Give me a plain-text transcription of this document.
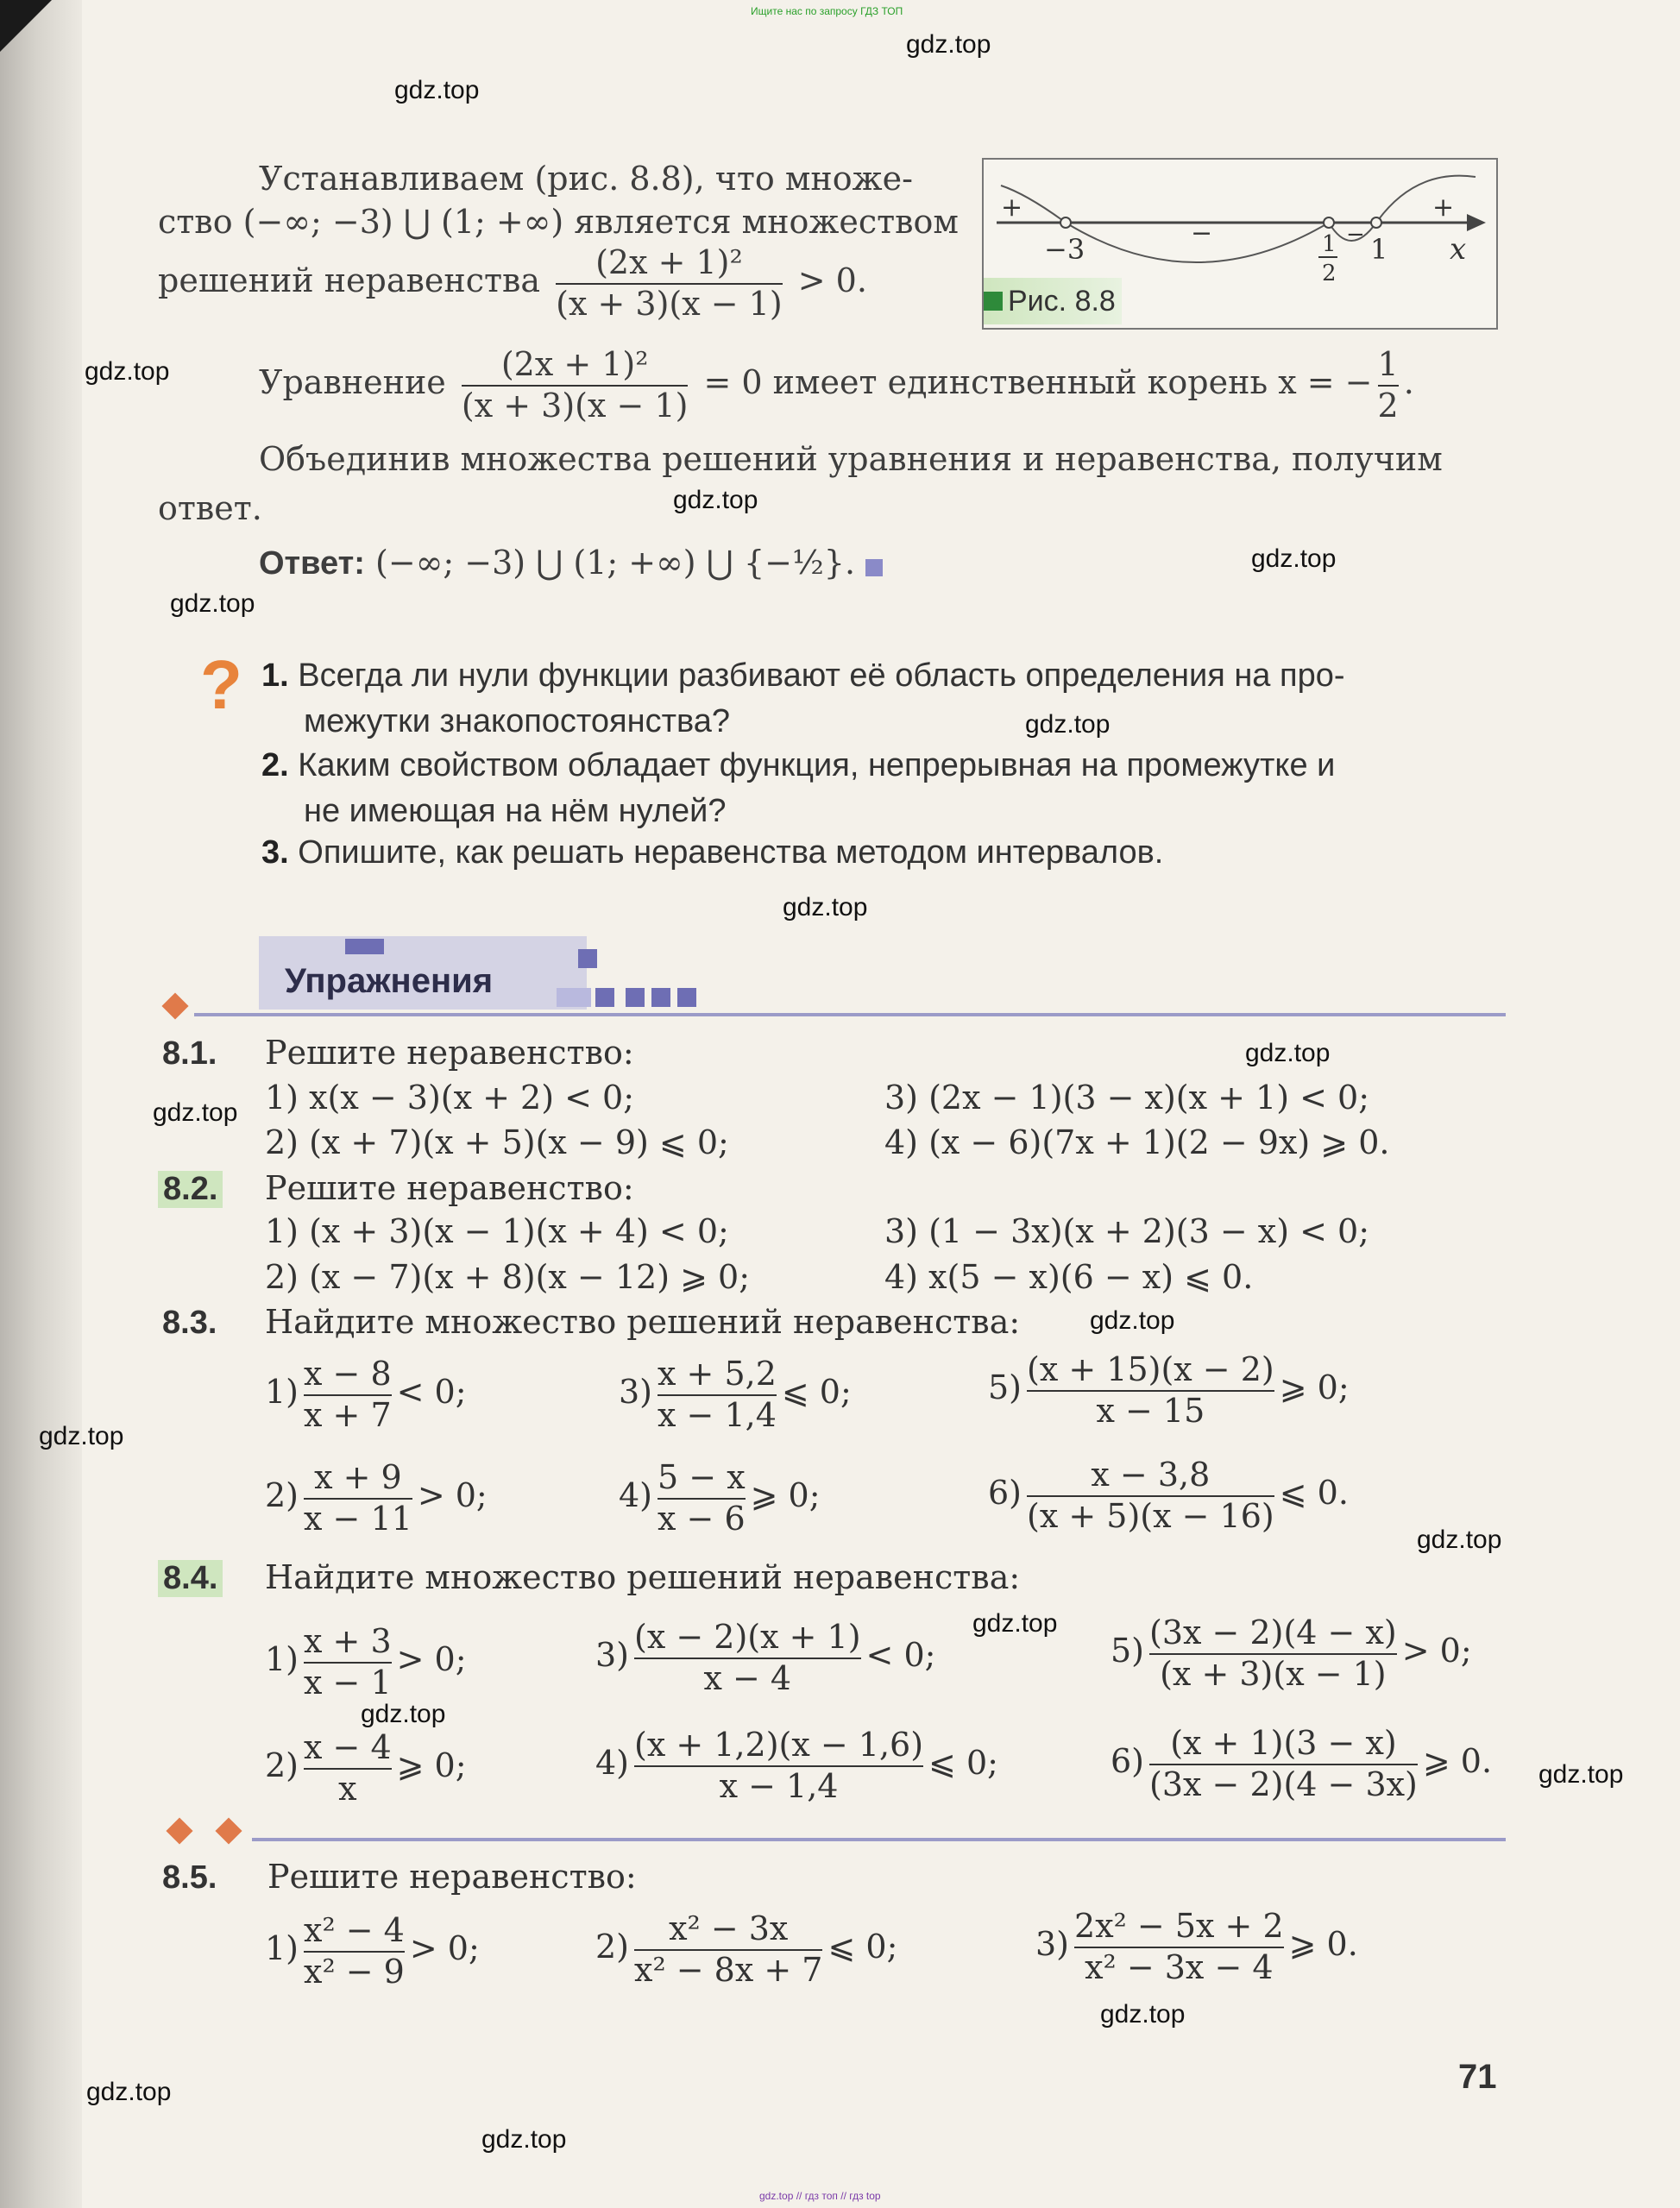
Ищите нас по запросу ГДЗ ТОП
gdz.top
gdz.top
gdz.top
gdz.top
gdz.top
gdz.top
gdz.top
gdz.top
gdz.top
gdz.top
gdz.top
gdz.top
gdz.top
gdz.top
gdz.top
gdz.top
gdz.top
gdz.top
gdz.top
Устанавливаем (рис. 8.8), что множе-
ство (−∞; −3) ⋃ (1; +∞) является множеством
решений неравенства $\frac{\text{(2x + 1)²}}{(x + 3)(x - 1)} > 0$.
+
−	−
+
−3	1
2
1 x
Рис. 8.8
Уравнение $\frac{\text{(2x + 1)²}}{(x + 3)(x - 1)} = 0$ имеет единственный корень x = − $\frac{1}{2}$ .
Объединив множества решений уравнения и неравенства, получим
ответ.
Ответ: (−∞; −3) ⋃ (1; +∞) ⋃ {−½}.
? 1. Всегда ли нули функции разбивают её область определения на про-
межутки знакопостоянства?
2. Каким свойством обладает функция, непрерывная на промежутке и
не имеющая на нём нулей?
3. Опишите, как решать неравенства методом интервалов.
Упражнения
8.1. Решите неравенство:
1) x(x − 3)(x + 2) < 0;	3) (2x − 1)(3 − x)(x + 1) < 0;
2) (x + 7)(x + 5)(x − 9) ⩽ 0;	4) (x − 6)(7x + 1)(2 − 9x) ⩾ 0.
8.2. Решите неравенство:
1) (x + 3)(x − 1)(x + 4) < 0;	3) (1 − 3x)(x + 2)(3 − x) < 0;
2) (x − 7)(x + 8)(x − 12) ⩾ 0;	4) x(5 − x)(6 − x) ⩽ 0.
8.3. Найдите множество решений неравенства:
$1) \frac{x - 8}{x + 7} < 0$;	$3) \frac{x + 5,2}{x - 1,4}$ ⩽ 0;	$5) \frac{(x + 15)(x - 2)}{x - 15}$ ⩾ 0;
$2) \frac{x + 9}{x - 11} > 0$;	$4) \frac{5 - x}{x - 6}$ ⩾ 0;	$6) \frac{x - 3,8}{(x + 5)(x - 16)}$ ⩽ 0.
8.4. Найдите множество решений неравенства:
$1) \frac{x + 3}{x - 1} > 0$;	$3) \frac{(x - 2)(x + 1)}{x - 4} < 0$;	$5) \frac{(3x - 2)(4 - x)}{(x + 3)(x - 1)} > 0$;
$2) \frac{x - 4}{x}$ ⩾ 0;	$4) \frac{(x + 1,2)(x - 1,6)}{x - 1,4}$ ⩽ 0;	$6) \frac{(x + 1)(3 - x)}{(3x - 2)(4 - 3x)}$ ⩾ 0.
8.5. Решите неравенство:
$1) \frac{\text{x² − 4}}{\text{x² − 9}} > 0$;	$2) \frac{\text{x² − 3x}}{\text{x² − 8x + 7}}$ ⩽ 0;	$3) \frac{\text{2x² − 5x + 2}}{\text{x² − 3x − 4}}$ ⩾ 0.
71
gdz.top // гдз топ // гдз top
